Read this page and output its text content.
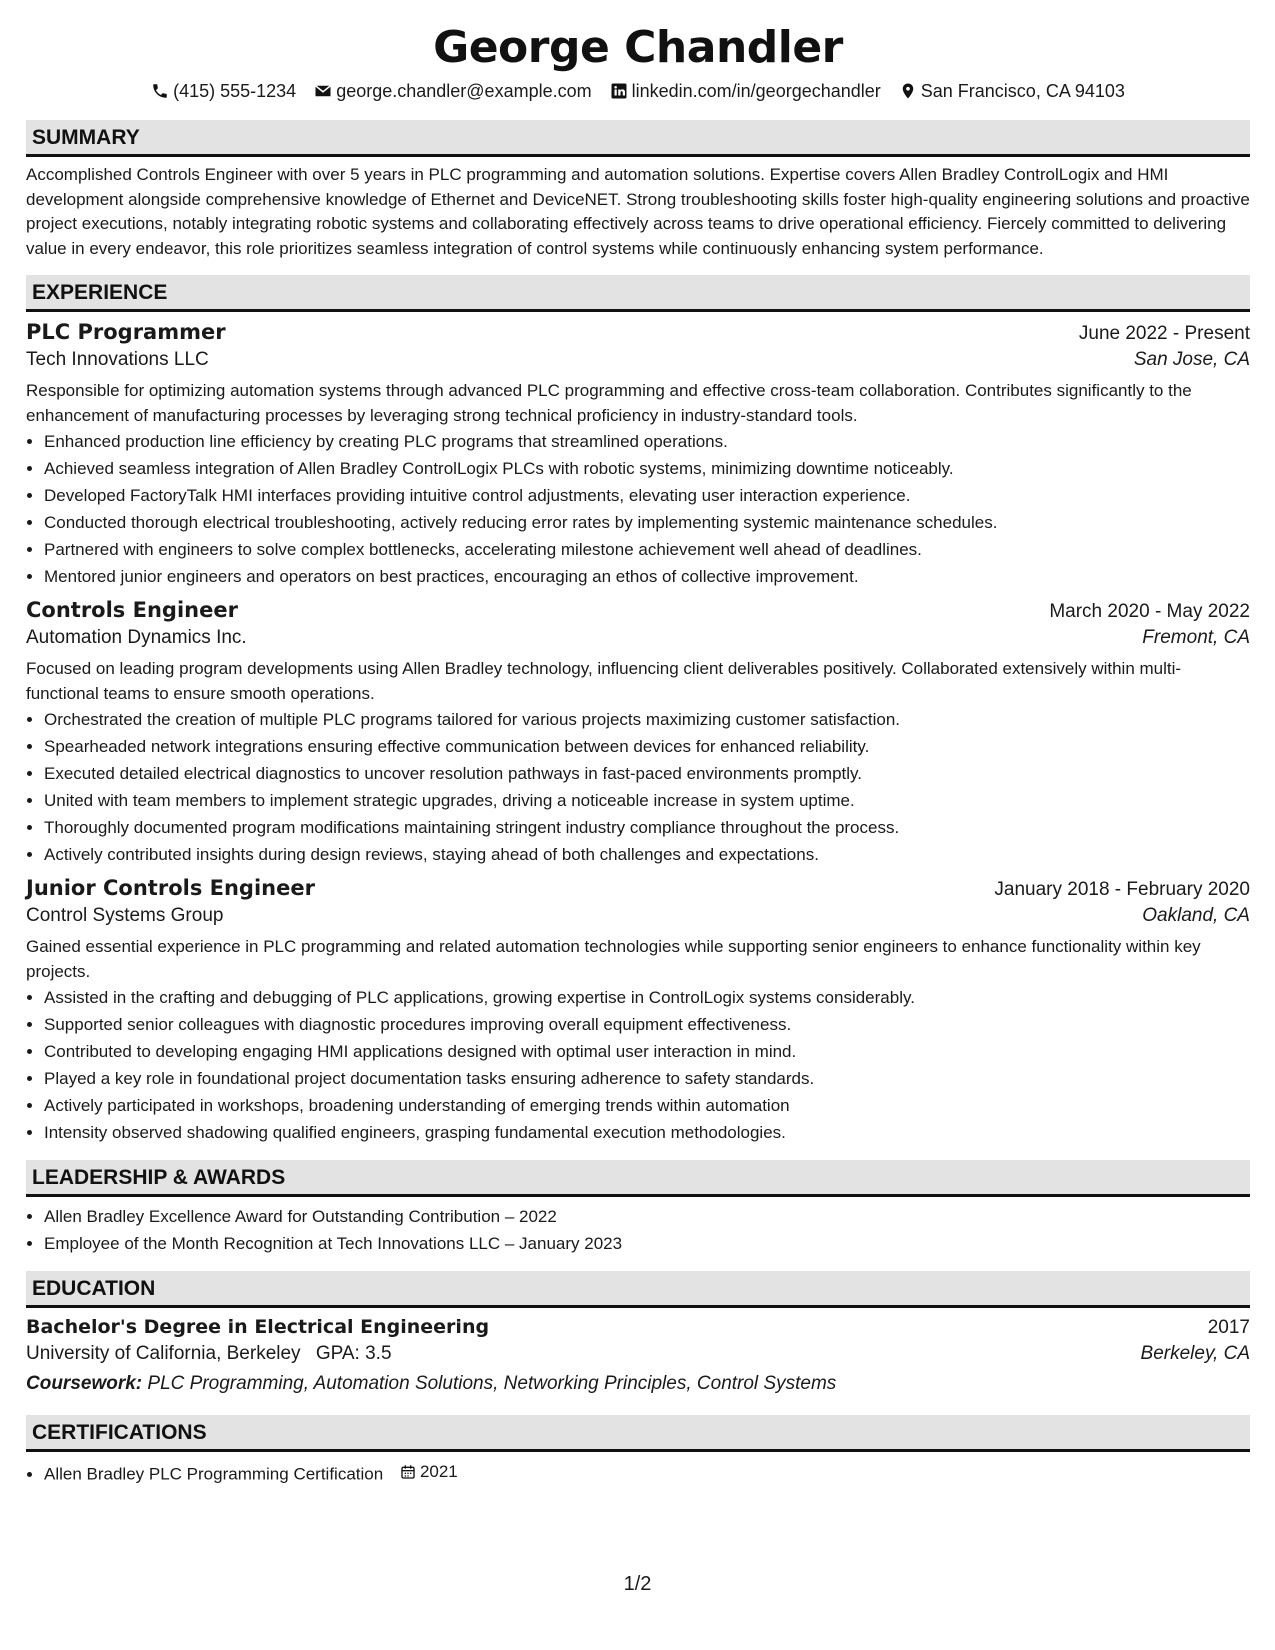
George Chandler
(415) 555-1234 george.chandler@example.com linkedin.com/in/georgechandler San Francisco, CA 94103
SUMMARY

Accomplished Controls Engineer with over 5 years in PLC programming and automation solutions. Expertise covers Allen Bradley ControlLogix and HMI development alongside comprehensive knowledge of Ethernet and DeviceNET. Strong troubleshooting skills foster high-quality engineering solutions and proactive project executions, notably integrating robotic systems and collaborating effectively across teams to drive operational efficiency. Fiercely committed to delivering value in every endeavor, this role prioritizes seamless integration of control systems while continuously enhancing system performance.

EXPERIENCE
PLC Programmer	June 2022 - Present
Tech Innovations LLC	San Jose, CA

Responsible for optimizing automation systems through advanced PLC programming and effective cross-team collaboration. Contributes significantly to the enhancement of manufacturing processes by leveraging strong technical proficiency in industry-standard tools.

• Enhanced production line efficiency by creating PLC programs that streamlined operations.
• Achieved seamless integration of Allen Bradley ControlLogix PLCs with robotic systems, minimizing downtime noticeably.
• Developed FactoryTalk HMI interfaces providing intuitive control adjustments, elevating user interaction experience.
• Conducted thorough electrical troubleshooting, actively reducing error rates by implementing systemic maintenance schedules.
• Partnered with engineers to solve complex bottlenecks, accelerating milestone achievement well ahead of deadlines.
• Mentored junior engineers and operators on best practices, encouraging an ethos of collective improvement.
Controls Engineer	March 2020 - May 2022
Automation Dynamics Inc.	Fremont, CA

Focused on leading program developments using Allen Bradley technology, influencing client deliverables positively. Collaborated extensively within multi-functional teams to ensure smooth operations.

• Orchestrated the creation of multiple PLC programs tailored for various projects maximizing customer satisfaction.
• Spearheaded network integrations ensuring effective communication between devices for enhanced reliability.
• Executed detailed electrical diagnostics to uncover resolution pathways in fast-paced environments promptly.
• United with team members to implement strategic upgrades, driving a noticeable increase in system uptime.
• Thoroughly documented program modifications maintaining stringent industry compliance throughout the process.
• Actively contributed insights during design reviews, staying ahead of both challenges and expectations.
Junior Controls Engineer	January 2018 - February 2020
Control Systems Group	Oakland, CA

Gained essential experience in PLC programming and related automation technologies while supporting senior engineers to enhance functionality within key projects.

• Assisted in the crafting and debugging of PLC applications, growing expertise in ControlLogix systems considerably.
• Supported senior colleagues with diagnostic procedures improving overall equipment effectiveness.
• Contributed to developing engaging HMI applications designed with optimal user interaction in mind.
• Played a key role in foundational project documentation tasks ensuring adherence to safety standards.
• Actively participated in workshops, broadening understanding of emerging trends within automation
• Intensity observed shadowing qualified engineers, grasping fundamental execution methodologies.
LEADERSHIP & AWARDS
• Allen Bradley Excellence Award for Outstanding Contribution – 2022
• Employee of the Month Recognition at Tech Innovations LLC – January 2023
EDUCATION
Bachelor's Degree in Electrical Engineering	2017
University of California, Berkeley GPA: 3.5	Berkeley, CA
Coursework: PLC Programming, Automation Solutions, Networking Principles, Control Systems
CERTIFICATIONS
• Allen Bradley PLC Programming Certification 2021
1/2
